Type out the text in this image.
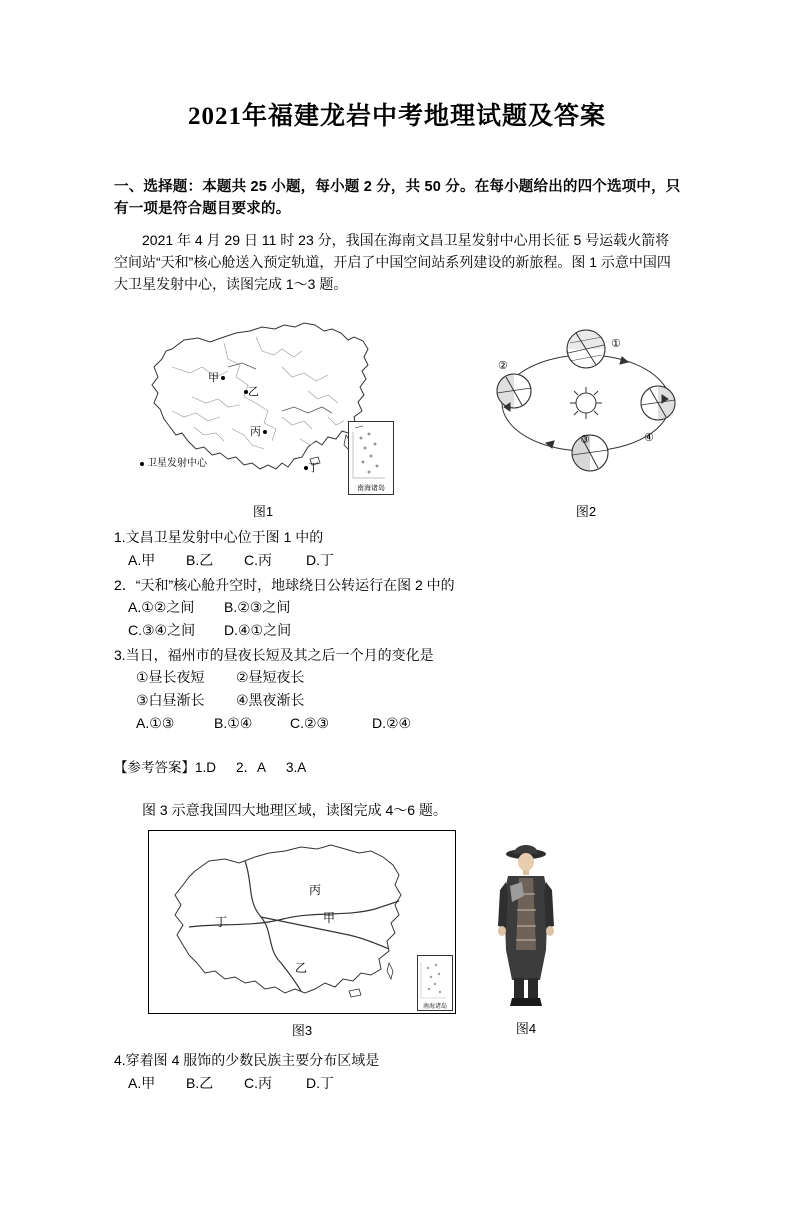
2021年福建龙岩中考地理试题及答案
一、选择题：本题共 25 小题，每小题 2 分，共 50 分。在每小题给出的四个选项中，只有一项是符合题目要求的。
2021 年 4 月 29 日 11 时 23 分，我国在海南文昌卫星发射中心用长征 5 号运载火箭将空间站“天和”核心舱送入预定轨道，开启了中国空间站系列建设的新旅程。图 1 示意中国四大卫星发射中心，读图完成 1～3 题。
甲
乙
丙
丁
卫星发射中心
南海诸岛
图1
①
②
③	④
图2
1.文昌卫星发射中心位于图 1 中的
A.甲 B.乙 C.丙 D.丁
2．“天和”核心舱升空时，地球绕日公转运行在图 2 中的
A.①②之间 B.②③之间
C.③④之间 D.④①之间
3.当日，福州市的昼夜长短及其之后一个月的变化是
①昼长夜短 ②昼短夜长
③白昼渐长 ④黑夜渐长
A.①③	B.①④	C.②③	D.②④
【参考答案】1.D 2．A 3.A
图 3 示意我国四大地理区域，读图完成 4～6 题。
丁
丙
甲
乙
南海诸岛
图3	图4
4.穿着图 4 服饰的少数民族主要分布区域是
A.甲 B.乙 C.丙 D.丁
